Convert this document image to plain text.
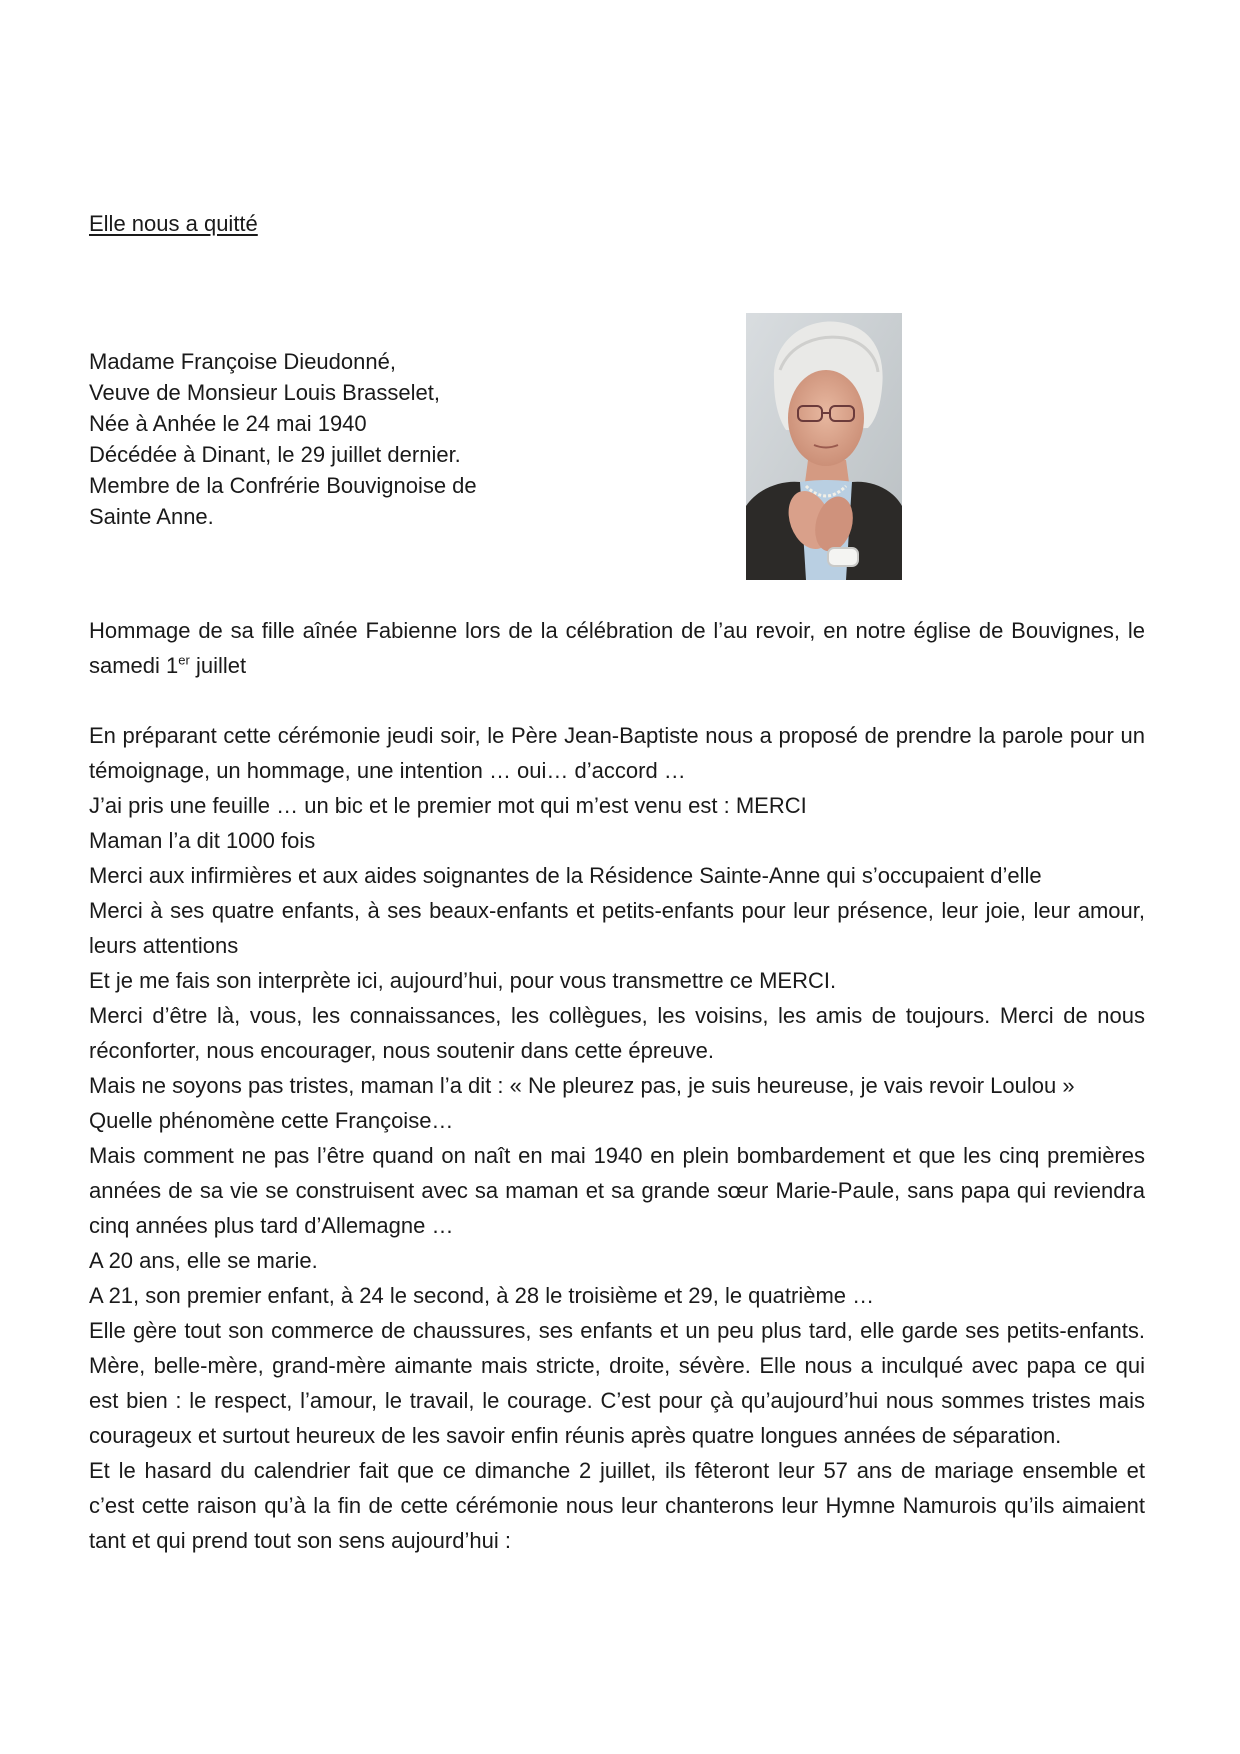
Elle nous a quitté
Madame Françoise Dieudonné,
Veuve de Monsieur Louis Brasselet,
Née à Anhée le 24 mai 1940
Décédée à Dinant, le 29 juillet dernier.
Membre de la Confrérie Bouvignoise de
Sainte Anne.

Hommage de sa fille aînée Fabienne lors de la célébration de l’au revoir, en notre église de Bouvignes, le samedi 1er juillet

En préparant cette cérémonie jeudi soir, le Père Jean-Baptiste nous a proposé de prendre la parole pour un témoignage, un hommage, une intention … oui… d’accord …

J’ai pris une feuille … un bic et le premier mot qui m’est venu est : MERCI

Maman l’a dit 1000 fois

Merci aux infirmières et aux aides soignantes de la Résidence Sainte-Anne qui s’occupaient d’elle

Merci à ses quatre enfants, à ses beaux-enfants et petits-enfants pour leur présence, leur joie, leur amour, leurs attentions

Et je me fais son interprète ici, aujourd’hui, pour vous transmettre ce MERCI.

Merci d’être là, vous, les connaissances, les collègues, les voisins, les amis de toujours. Merci de nous réconforter, nous encourager, nous soutenir dans cette épreuve.

Mais ne soyons pas tristes, maman l’a dit : « Ne pleurez pas, je suis heureuse, je vais revoir Loulou »

Quelle phénomène cette Françoise…

Mais comment ne pas l’être quand on naît en mai 1940 en plein bombardement et que les cinq premières années de sa vie se construisent avec sa maman et sa grande sœur Marie-Paule, sans papa qui reviendra cinq années plus tard d’Allemagne …

A 20 ans, elle se marie.

A 21, son premier enfant, à 24 le second, à 28 le troisième et 29, le quatrième …

Elle gère tout son commerce de chaussures, ses enfants et un peu plus tard, elle garde ses petits-enfants. Mère, belle-mère, grand-mère aimante mais stricte, droite, sévère. Elle nous a inculqué avec papa ce qui est bien : le respect, l’amour, le travail, le courage. C’est pour çà qu’aujourd’hui nous sommes tristes mais courageux et surtout heureux de les savoir enfin réunis après quatre longues années de séparation.

Et le hasard du calendrier fait que ce dimanche 2 juillet, ils fêteront leur 57 ans de mariage ensemble et c’est cette raison qu’à la fin de cette cérémonie nous leur chanterons leur Hymne Namurois qu’ils aimaient tant et qui prend tout son sens aujourd’hui :
